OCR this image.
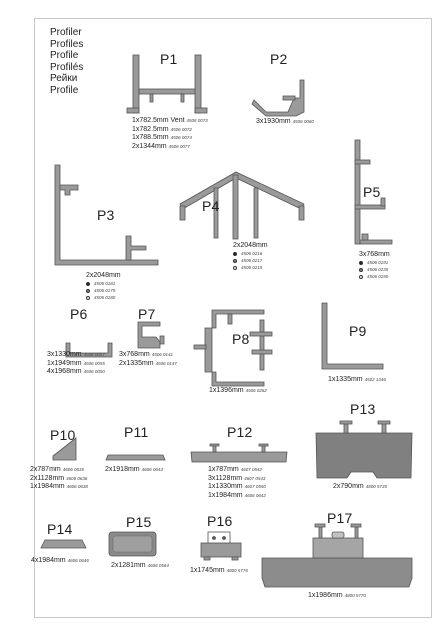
Profiler
Profiles
Profile
Profilés
Рейки
Profile
P1	P2
P3
P4
P5
P6	P7
P8	P9
P10	P11	P12
P13
P14	P15	P16	P17
1x782.5mm Vent 4506 0073
1x782.5mm 4506 0072
1x788.5mm 4506 0074
2x1344mm 4506 0077
3x1930mm 4506 0060
2x2048mm
4506 0181
4506 0179
4506 0180
2x2048mm
4506 0216
4506 0217
4506 0215
3x768mm
4506 0191
4506 0235
4506 0190
3x1330mm 4506 0057
1x1949mm 4506 0055
4x1968mm 4506 0050
3x768mm 4506 0141
2x1335mm 4506 0147
1x1396mm 4506 0262
1x1335mm 4502 1346
2x787mm 4606 0635
2x1128mm 4606 0636
1x1984mm 4606 0638
2x1918mm 4606 0644	1x787mm 4607 0542
3x1128mm 4607 0543
1x1330mm 4607 0550
1x1984mm 4606 0642
2x790mm 4800 5735
4x1984mm 4606 0646
2x1281mm 4606 0564
1x1745mm 4800 5776
1x1986mm 4800 5770
